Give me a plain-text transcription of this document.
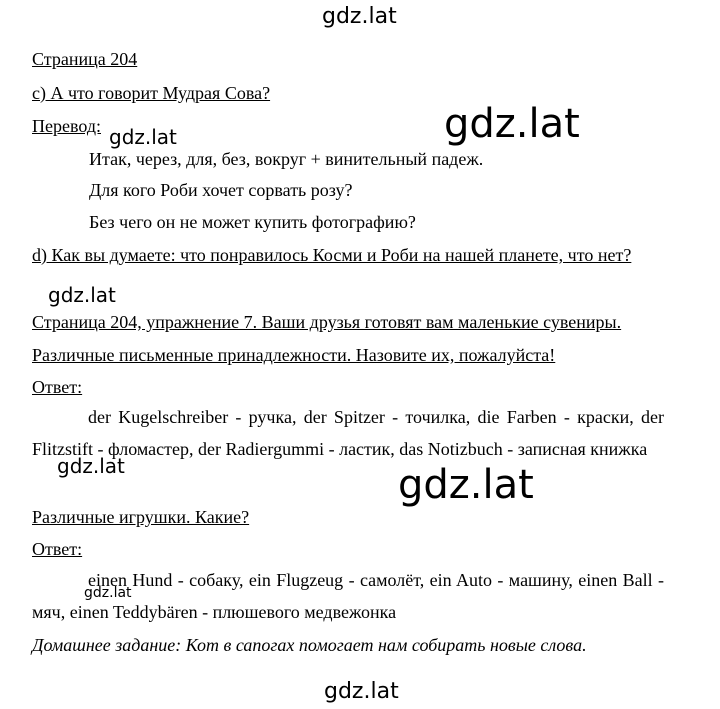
gdz.lat
gdz.lat
gdz.lat
gdz.lat
gdz.lat	gdz.lat
gdz.lat
gdz.lat
Страница 204
с) А что говорит Мудрая Сова?
Перевод:
Итак, через, для, без, вокруг + винительный падеж.
Для кого Роби хочет сорвать розу?
Без чего он не может купить фотографию?
d) Как вы думаете: что понравилось Косми и Роби на нашей планете, что нет?
Страница 204, упражнение 7. Ваши друзья готовят вам маленькие сувениры.
Различные письменные принадлежности. Назовите их, пожалуйста!
Ответ:
der Kugelschreiber - ручка, der Spitzer - точилка, die Farben - краски, der Flitzstift - фломастер, der Radiergummi - ластик, das Notizbuch - записная книжка
Различные игрушки. Какие?
Ответ:
einen Hund - собаку, ein Flugzeug - самолёт, ein Auto - машину, einen Ball - мяч, einen Teddybären - плюшевого медвежонка
Домашнее задание: Кот в сапогах помогает нам собирать новые слова.
